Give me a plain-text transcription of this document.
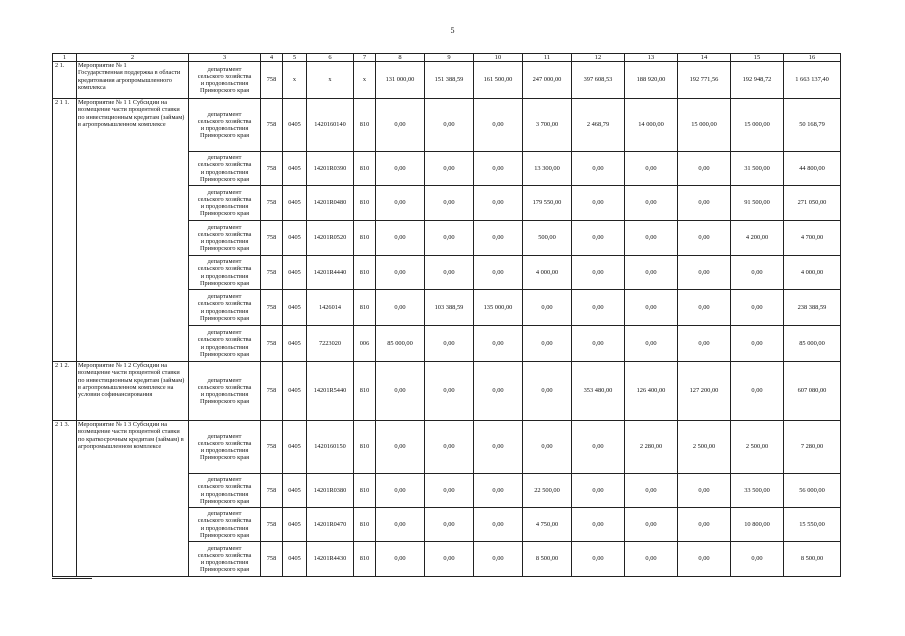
5
1	2	3	4	5	6	7	8	9	10	11	12	13	14	15	16
2 1.	Мероприятие № 1
Государственная поддержка в области кредитования агропромышленного комплекса	департамент
сельского хозяйства
и продовольствия
Приморского края	758	х	х	х	131 000,00	151 388,59	161 500,00	247 000,00	397 608,53	188 920,00	192 771,56	192 948,72	1 663 137,40
2 1 1.	Мероприятие № 1 1 Субсидии на возмещение части процентной ставки по инвестиционным кредитам (займам) в агропромышленном комплексе	департамент
сельского хозяйства
и продовольствия
Приморского края	758	0405	1420160140	810	0,00	0,00	0,00	3 700,00	2 468,79	14 000,00	15 000,00	15 000,00	50 168,79
		департамент
сельского хозяйства
и продовольствия
Приморского края	758	0405	14201R0390	810	0,00	0,00	0,00	13 300,00	0,00	0,00	0,00	31 500,00	44 800,00
		департамент
сельского хозяйства
и продовольствия
Приморского края	758	0405	14201R0480	810	0,00	0,00	0,00	179 550,00	0,00	0,00	0,00	91 500,00	271 050,00
		департамент
сельского хозяйства
и продовольствия
Приморского края	758	0405	14201R0520	810	0,00	0,00	0,00	500,00	0,00	0,00	0,00	4 200,00	4 700,00
		департамент
сельского хозяйства
и продовольствия
Приморского края	758	0405	14201R4440	810	0,00	0,00	0,00	4 000,00	0,00	0,00	0,00	0,00	4 000,00
		департамент
сельского хозяйства
и продовольствия
Приморского края	758	0405	1426014	810	0,00	103 388,59	135 000,00	0,00	0,00	0,00	0,00	0,00	238 388,59
		департамент
сельского хозяйства
и продовольствия
Приморского края	758	0405	7223020	006	85 000,00	0,00	0,00	0,00	0,00	0,00	0,00	0,00	85 000,00
2 1 2.	Мероприятие № 1 2 Субсидии на возмещение части процентной ставки по инвестиционным кредитам (займам) в агропромышленном комплексе на условии софинансирования	департамент
сельского хозяйства
и продовольствия
Приморского края	758	0405	14201R5440	810	0,00	0,00	0,00	0,00	353 480,00	126 400,00	127 200,00	0,00	607 080,00
2 1 3.	Мероприятие № 1 3 Субсидии на возмещение части процентной ставки по краткосрочным кредитам (займам) в агропромышленном комплексе	департамент
сельского хозяйства
и продовольствия
Приморского края	758	0405	1420160150	810	0,00	0,00	0,00	0,00	0,00	2 280,00	2 500,00	2 500,00	7 280,00
		департамент
сельского хозяйства
и продовольствия
Приморского края	758	0405	14201R0380	810	0,00	0,00	0,00	22 500,00	0,00	0,00	0,00	33 500,00	56 000,00
		департамент
сельского хозяйства
и продовольствия
Приморского края	758	0405	14201R0470	810	0,00	0,00	0,00	4 750,00	0,00	0,00	0,00	10 800,00	15 550,00
		департамент
сельского хозяйства
и продовольствия
Приморского края	758	0405	14201R4430	810	0,00	0,00	0,00	8 500,00	0,00	0,00	0,00	0,00	8 500,00
